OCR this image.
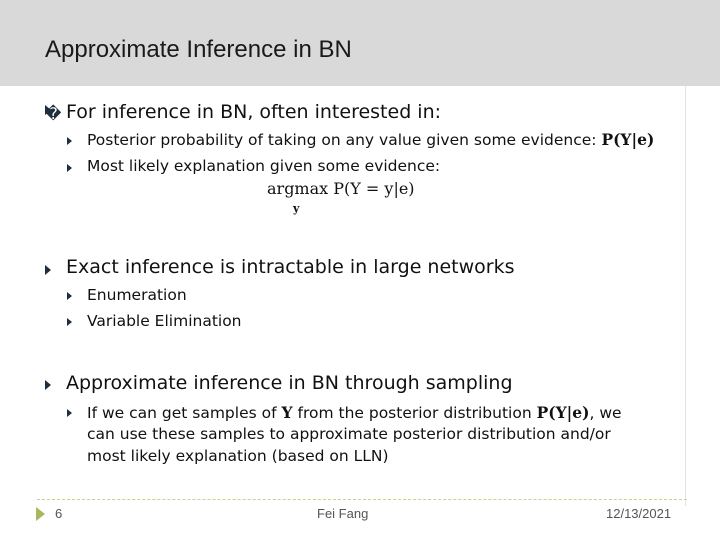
Approximate Inference in BN
� For inference in BN, often interested in:
Posterior probability of taking on any value given some evidence: P(Y|e)
Most likely explanation given some evidence:
argmax P(Y = y|e)
y
Exact inference is intractable in large networks
Enumeration
Variable Elimination
Approximate inference in BN through sampling
If we can get samples of Y from the posterior distribution P(Y|e), we
can use these samples to approximate posterior distribution and/or
most likely explanation (based on LLN)
6	Fei Fang	12/13/2021
